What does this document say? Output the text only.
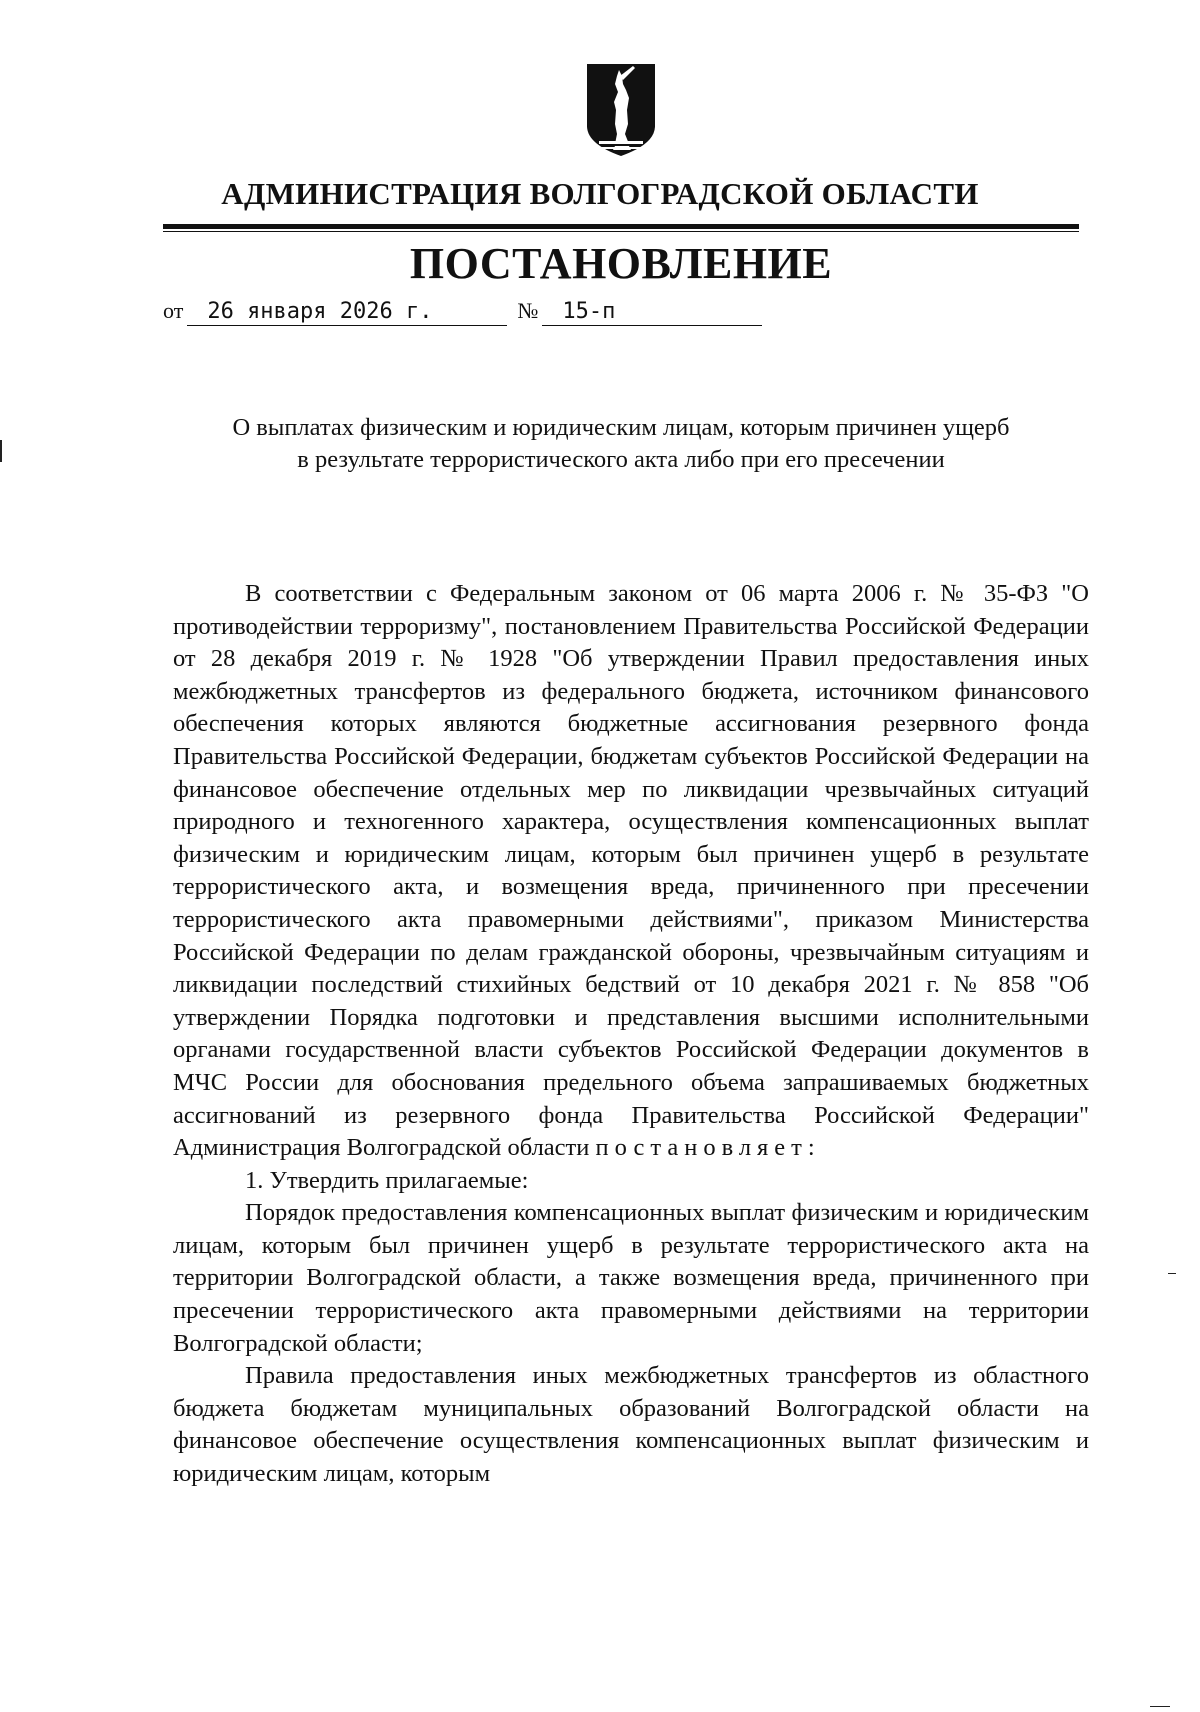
АДМИНИСТРАЦИЯ ВОЛГОГРАДСКОЙ ОБЛАСТИ
ПОСТАНОВЛЕНИЕ
от 26 января 2026 г.	№ 15-п
О выплатах физическим и юридическим лицам, которым причинен ущерб
в результате террористического акта либо при его пресечении

В соответствии с Федеральным законом от 06 марта 2006 г. № 35-ФЗ "О противодействии терроризму", постановлением Правительства Российской Федерации от 28 декабря 2019 г. № 1928 "Об утверждении Правил предоставления иных межбюджетных трансфертов из федерального бюджета, источником финансового обеспечения которых являются бюджетные ассигнования резервного фонда Правительства Российской Федерации, бюджетам субъектов Российской Федерации на финансовое обеспечение отдельных мер по ликвидации чрезвычайных ситуаций природного и техногенного характера, осуществления компенсационных выплат физическим и юридическим лицам, которым был причинен ущерб в результате террористического акта, и возмещения вреда, причиненного при пресечении террористического акта правомерными действиями", приказом Министерства Российской Федерации по делам гражданской обороны, чрезвычайным ситуациям и ликвидации последствий стихийных бедствий от 10 декабря 2021 г. № 858 "Об утверждении Порядка подготовки и представления высшими исполнительными органами государственной власти субъектов Российской Федерации документов в МЧС России для обоснования предельного объема запрашиваемых бюджетных ассигнований из резервного фонда Правительства Российской Федерации" Администрация Волгоградской области постановляет:

1. Утвердить прилагаемые:

Порядок предоставления компенсационных выплат физическим и юридическим лицам, которым был причинен ущерб в результате террористического акта на территории Волгоградской области, а также возмещения вреда, причиненного при пресечении террористического акта правомерными действиями на территории Волгоградской области;

Правила предоставления иных межбюджетных трансфертов из областного бюджета бюджетам муниципальных образований Волгоградской области на финансовое обеспечение осуществления компенсационных выплат физическим и юридическим лицам, которым
